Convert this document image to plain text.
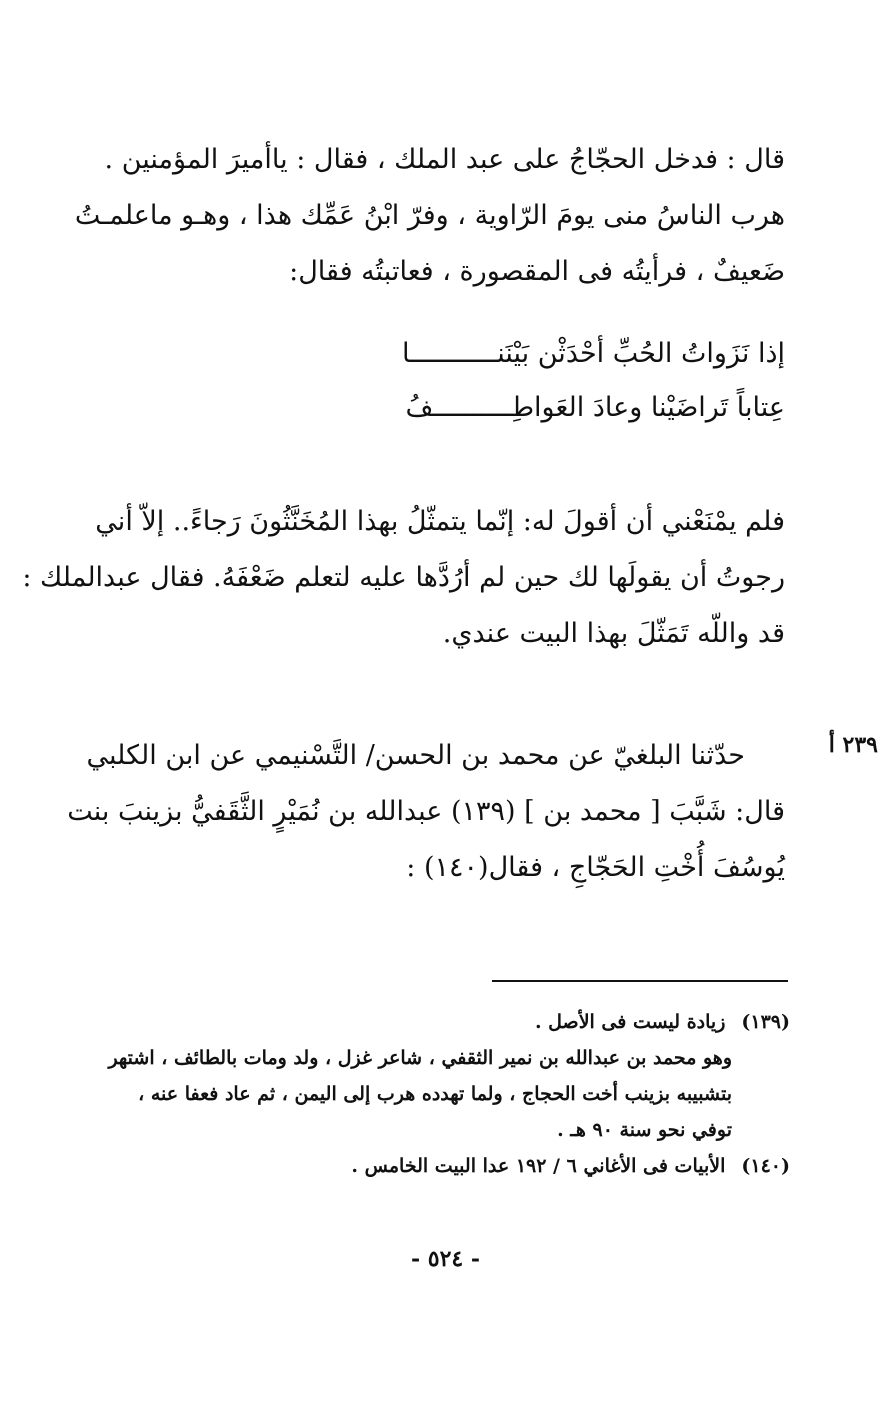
قال : فدخل الحجّاجُ على عبد الملك ، فقال : ياأميرَ المؤمنين .
هرب الناسُ منى يومَ الرّاوية ، وفرّ ابْنُ عَمِّك هذا ، وهـو ماعلمـتُ
ضَعيفٌ ، فرأيتُه فى المقصورة ، فعاتبتُه فقال:
إذا نَزَواتُ الحُبِّ أحْدَثْن بَيْنَنـــــــــــا
عِتاباً تَراضَيْنا وعادَ العَواطِــــــــــفُ
فلم يمْنَعْني أن أقولَ له: إنّما يتمثّلُ بهذا المُخَنَّثُونَ رَجاءً.. إلاّ أني
رجوتُ أن يقولَها لك حين لم أرُدَّها عليه لتعلم ضَعْفَهُ. فقال عبدالملك :
قد واللّه تَمَثّلَ بهذا البيت عندي.
٢٣٩ أ
حدّثنا البلغيّ عن محمد بن الحسن/ التَّسْنيمي عن ابن الكلبي
قال: شَبَّبَ [ محمد بن ] (١٣٩) عبدالله بن نُمَيْرٍ الثَّقَفيُّ بزينبَ بنت
يُوسُفَ أُخْتِ الحَجّاجِ ، فقال(١٤٠) :
(١٣٩) زيادة ليست فى الأصل .
وهو محمد بن عبدالله بن نمير الثقفي ، شاعر غزل ، ولد ومات بالطائف ، اشتهر
بتشبيبه بزينب أخت الحجاج ، ولما تهدده هرب إلى اليمن ، ثم عاد فعفا عنه ،
توفي نحو سنة ٩٠ هـ .
(١٤٠) الأبيات فى الأغاني ٦ / ١٩٢ عدا البيت الخامس .
- ٥٢٤ -
